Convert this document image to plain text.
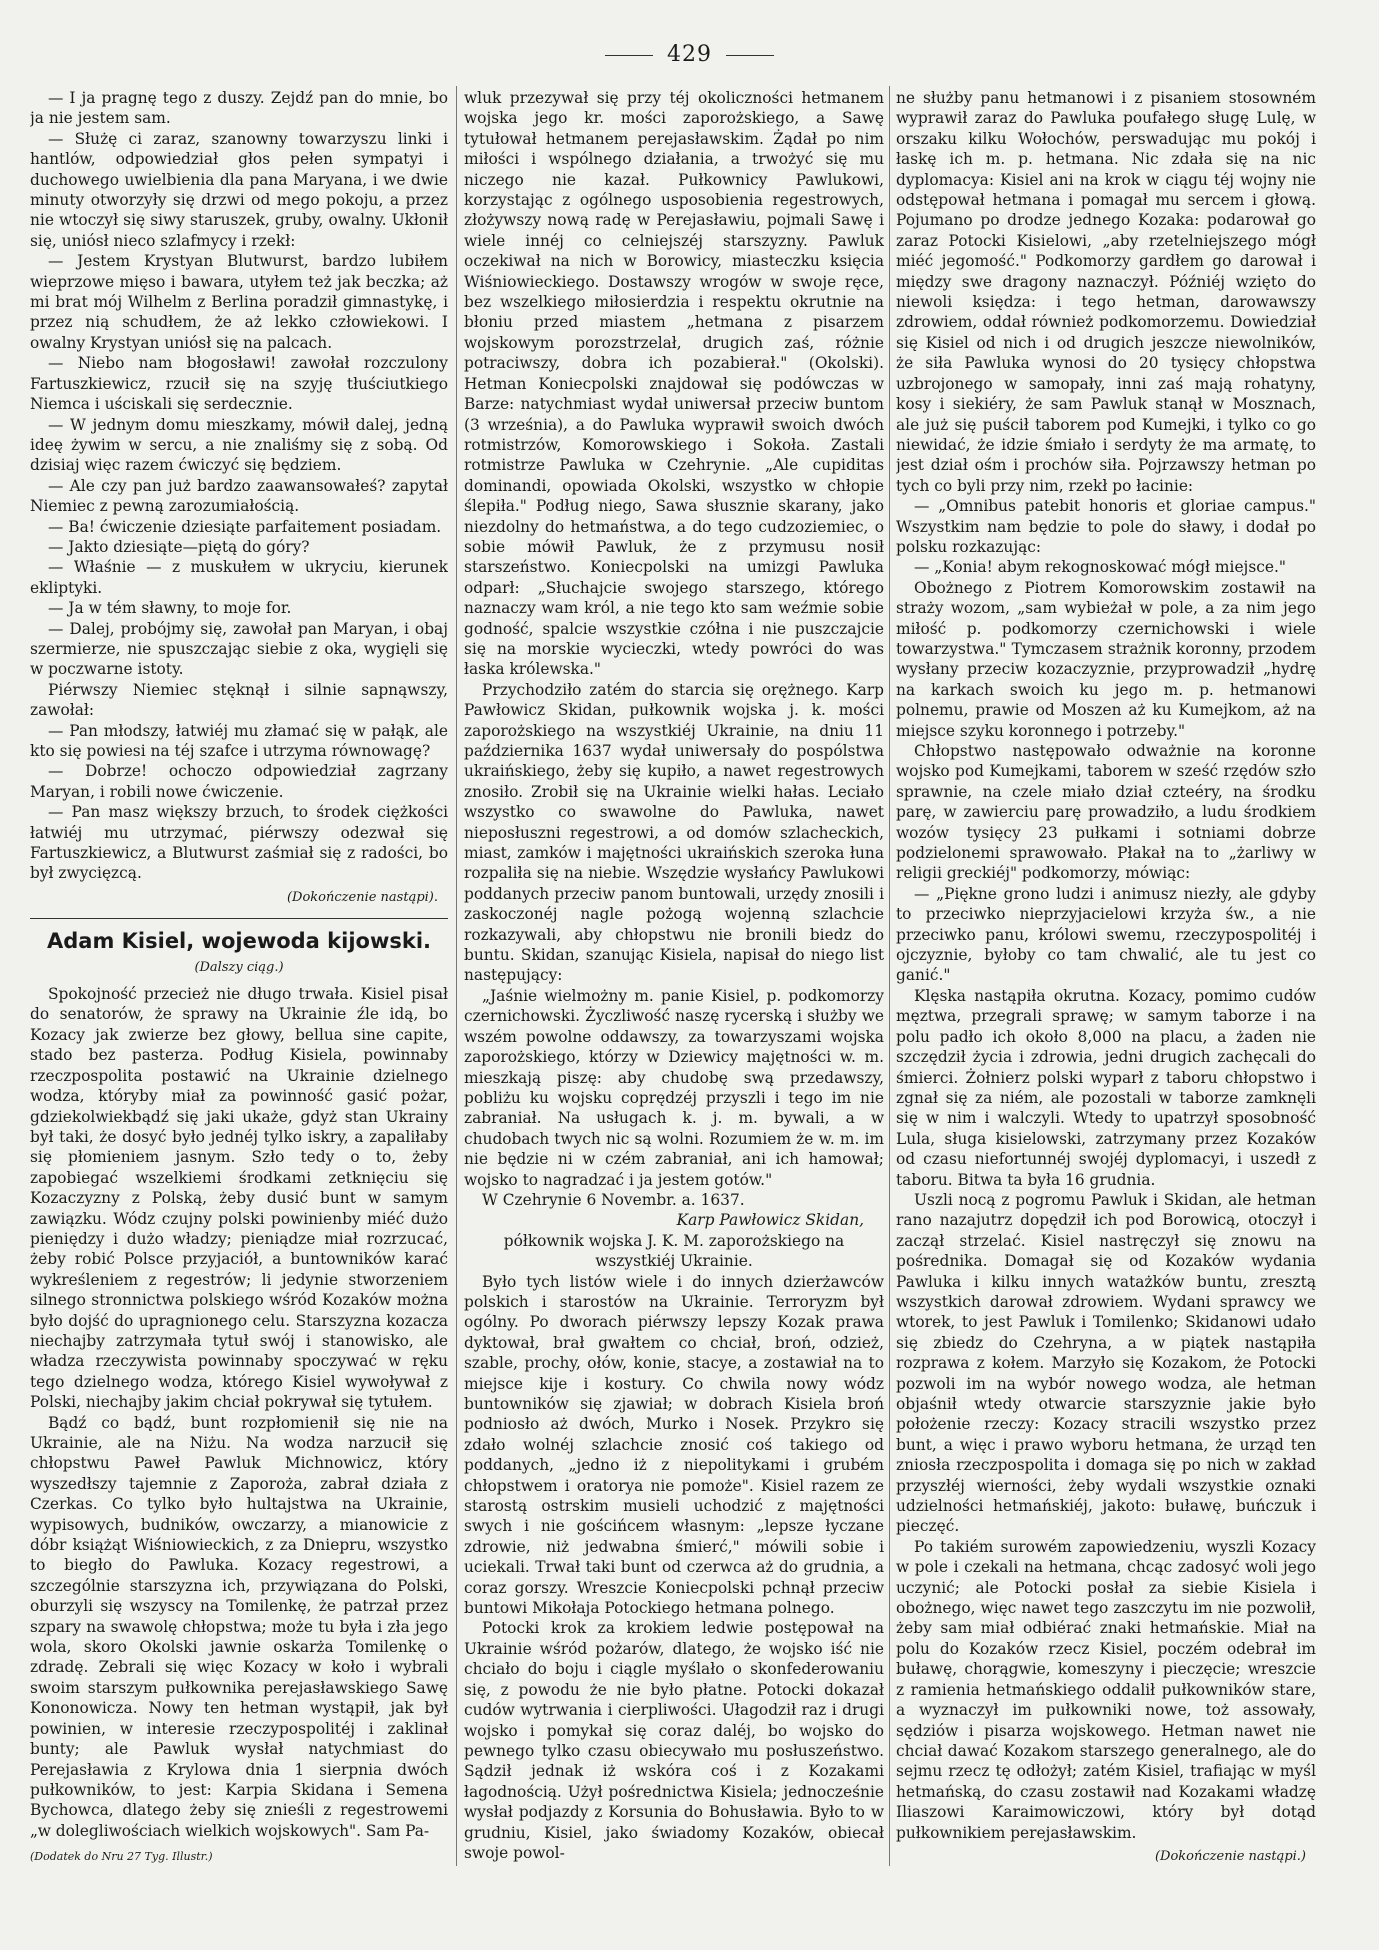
429

— I ja pragnę tego z duszy. Zejdź pan do mnie, bo ja nie jestem sam.

— Służę ci zaraz, szanowny towarzyszu linki i hantlów, odpowiedział głos pełen sympatyi i duchowego uwielbienia dla pana Maryana, i we dwie minuty otworzyły się drzwi od mego pokoju, a przez nie wtoczył się siwy staruszek, gruby, owalny. Ukłonił się, uniósł nieco szlafmycy i rzekł:

— Jestem Krystyan Blutwurst, bardzo lubiłem wieprzowe mięso i bawara, utyłem też jak beczka; aż mi brat mój Wilhelm z Berlina poradził gimnastykę, i przez nią schudłem, że aż lekko człowiekowi. I owalny Krystyan uniósł się na palcach.

— Niebo nam błogosławi! zawołał rozczulony Fartuszkiewicz, rzucił się na szyję tłuściutkiego Niemca i uściskali się serdecznie.

— W jednym domu mieszkamy, mówił dalej, jedną ideę żywim w sercu, a nie znaliśmy się z sobą. Od dzisiaj więc razem ćwiczyć się będziem.

— Ale czy pan już bardzo zaawansowałeś? zapytał Niemiec z pewną zarozumiałością.

— Ba! ćwiczenie dziesiąte parfaitement posiadam.

— Jakto dziesiąte—piętą do góry?

— Właśnie — z muskułem w ukryciu, kierunek ekliptyki.

— Ja w tém sławny, to moje for.

— Dalej, probójmy się, zawołał pan Maryan, i obaj szermierze, nie spuszczając siebie z oka, wygięli się w poczwarne istoty.

Piérwszy Niemiec stęknął i silnie sapnąwszy, zawołał:

— Pan młodszy, łatwiéj mu złamać się w pałąk, ale kto się powiesi na téj szafce i utrzyma równowagę?

— Dobrze! ochoczo odpowiedział zagrzany Maryan, i robili nowe ćwiczenie.

— Pan masz większy brzuch, to środek ciężkości łatwiéj mu utrzymać, piérwszy odezwał się Fartuszkiewicz, a Blutwurst zaśmiał się z radości, bo był zwycięzcą.

(Dokończenie nastąpi).

Adam Kisiel, wojewoda kijowski.

(Dalszy ciąg.)

Spokojność przecież nie długo trwała. Kisiel pisał do senatorów, że sprawy na Ukrainie źle idą, bo Kozacy jak zwierze bez głowy, bellua sine capite, stado bez pasterza. Podług Kisiela, powinnaby rzeczpospolita postawić na Ukrainie dzielnego wodza, któryby miał za powinność gasić pożar, gdziekolwiekbądź się jaki ukaże, gdyż stan Ukrainy był taki, że dosyć było jednéj tylko iskry, a zapaliłaby się płomieniem jasnym. Szło tedy o to, żeby zapobiegać wszelkiemi środkami zetknięciu się Kozaczyzny z Polską, żeby dusić bunt w samym zawiązku. Wódz czujny polski powinienby miéć dużo pieniędzy i dużo władzy; pieniądze miał rozrzucać, żeby robić Polsce przyjaciół, a buntowników karać wykreśleniem z regestrów; li jedynie stworzeniem silnego stronnictwa polskiego wśród Kozaków można było dojść do upragnionego celu. Starszyzna kozacza niechajby zatrzymała tytuł swój i stanowisko, ale władza rzeczywista powinnaby spoczywać w ręku tego dzielnego wodza, którego Kisiel wywoływał z Polski, niechajby jakim chciał pokrywał się tytułem.

Bądź co bądź, bunt rozpłomienił się nie na Ukrainie, ale na Niżu. Na wodza narzucił się chłopstwu Paweł Pawluk Michnowicz, który wyszedłszy tajemnie z Zaporoża, zabrał działa z Czerkas. Co tylko było hultajstwa na Ukrainie, wypisowych, budników, owczarzy, a mianowicie z dóbr książąt Wiśniowieckich, z za Dniepru, wszystko to biegło do Pawluka. Kozacy regestrowi, a szczególnie starszyzna ich, przywiązana do Polski, oburzyli się wszyscy na Tomilenkę, że patrzał przez szpary na swawolę chłopstwa; może tu była i zła jego wola, skoro Okolski jawnie oskarża Tomilenkę o zdradę. Zebrali się więc Kozacy w koło i wybrali swoim starszym pułkownika perejasławskiego Sawę Kononowicza. Nowy ten hetman wystąpił, jak był powinien, w interesie rzeczypospolitéj i zaklinał bunty; ale Pawluk wysłał natychmiast do Perejasławia z Krylowa dnia 1 sierpnia dwóch pułkowników, to jest: Karpia Skidana i Semena Bychowca, dlatego żeby się znieśli z regestrowemi „w dolegliwościach wielkich wojskowych". Sam Pa-

(Dodatek do Nru 27 Tyg. Illustr.)

wluk przezywał się przy téj okoliczności hetmanem wojska jego kr. mości zaporożskiego, a Sawę tytułował hetmanem perejasławskim. Żądał po nim miłości i wspólnego działania, a trwożyć się mu niczego nie kazał. Pułkownicy Pawlukowi, korzystając z ogólnego usposobienia regestrowych, złożywszy nową radę w Perejasławiu, pojmali Sawę i wiele innéj co celniejszéj starszyzny. Pawluk oczekiwał na nich w Borowicy, miasteczku księcia Wiśniowieckiego. Dostawszy wrogów w swoje ręce, bez wszelkiego miłosierdzia i respektu okrutnie na błoniu przed miastem „hetmana z pisarzem wojskowym porozstrzelał, drugich zaś, różnie potraciwszy, dobra ich pozabierał." (Okolski). Hetman Koniecpolski znajdował się podówczas w Barze: natychmiast wydał uniwersał przeciw buntom (3 września), a do Pawluka wyprawił swoich dwóch rotmistrzów, Komorowskiego i Sokoła. Zastali rotmistrze Pawluka w Czehrynie. „Ale cupiditas dominandi, opowiada Okolski, wszystko w chłopie ślepiła." Podług niego, Sawa słusznie skarany, jako niezdolny do hetmaństwa, a do tego cudzoziemiec, o sobie mówił Pawluk, że z przymusu nosił starszeństwo. Koniecpolski na umizgi Pawluka odparł: „Słuchajcie swojego starszego, którego naznaczy wam król, a nie tego kto sam weźmie sobie godność, spalcie wszystkie czółna i nie puszczajcie się na morskie wycieczki, wtedy powróci do was łaska królewska."

Przychodziło zatém do starcia się orężnego. Karp Pawłowicz Skidan, pułkownik wojska j. k. mości zaporożskiego na wszystkiéj Ukrainie, na dniu 11 października 1637 wydał uniwersały do pospólstwa ukraińskiego, żeby się kupiło, a nawet regestrowych znosiło. Zrobił się na Ukrainie wielki hałas. Leciało wszystko co swawolne do Pawluka, nawet nieposłuszni regestrowi, a od domów szlacheckich, miast, zamków i majętności ukraińskich szeroka łuna rozpaliła się na niebie. Wszędzie wysłańcy Pawlukowi poddanych przeciw panom buntowali, urzędy znosili i zaskoczonéj nagle pożogą wojenną szlachcie rozkazywali, aby chłopstwu nie bronili biedz do buntu. Skidan, szanując Kisiela, napisał do niego list następujący:

„Jaśnie wielmożny m. panie Kisiel, p. podkomorzy czernichowski. Życzliwość naszę rycerską i służby we wszém powolne oddawszy, za towarzyszami wojska zaporożskiego, którzy w Dziewicy majętności w. m. mieszkają piszę: aby chudobę swą przedawszy, pobliżu ku wojsku coprędzéj przyszli i tego im nie zabraniał. Na usługach k. j. m. bywali, a w chudobach twych nic są wolni. Rozumiem że w. m. im nie będzie ni w czém zabraniał, ani ich hamował; wojsko to nagradzać i ja jestem gotów."

W Czehrynie 6 Novembr. a. 1637.

Karp Pawłowicz Skidan,

półkownik wojska J. K. M. zaporożskiego na wszystkiéj Ukrainie.

Było tych listów wiele i do innych dzierżawców polskich i starostów na Ukrainie. Terroryzm był ogólny. Po dworach piérwszy lepszy Kozak prawa dyktował, brał gwałtem co chciał, broń, odzież, szable, prochy, ołów, konie, stacye, a zostawiał na to miejsce kije i kostury. Co chwila nowy wódz buntowników się zjawiał; w dobrach Kisiela broń podniosło aż dwóch, Murko i Nosek. Przykro się zdało wolnéj szlachcie znosić coś takiego od poddanych, „jedno iż z niepolitykami i grubém chłopstwem i oratorya nie pomoże". Kisiel razem ze starostą ostrskim musieli uchodzić z majętności swych i nie gościńcem własnym: „lepsze łyczane zdrowie, niż jedwabna śmierć," mówili sobie i uciekali. Trwał taki bunt od czerwca aż do grudnia, a coraz gorszy. Wreszcie Koniecpolski pchnął przeciw buntowi Mikołaja Potockiego hetmana polnego.

Potocki krok za krokiem ledwie postępował na Ukrainie wśród pożarów, dlatego, że wojsko iść nie chciało do boju i ciągle myślało o skonfederowaniu się, z powodu że nie było płatne. Potocki dokazał cudów wytrwania i cierpliwości. Ułagodził raz i drugi wojsko i pomykał się coraz daléj, bo wojsko do pewnego tylko czasu obiecywało mu posłuszeństwo. Sądził jednak iż wskóra coś i z Kozakami łagodnością. Użył pośrednictwa Kisiela; jednocześnie wysłał podjazdy z Korsunia do Bohusławia. Było to w grudniu, Kisiel, jako świadomy Kozaków, obiecał swoje powol-

ne służby panu hetmanowi i z pisaniem stosowném wyprawił zaraz do Pawluka poufałego sługę Lulę, w orszaku kilku Wołochów, perswadując mu pokój i łaskę ich m. p. hetmana. Nic zdała się na nic dyplomacya: Kisiel ani na krok w ciągu téj wojny nie odstępował hetmana i pomagał mu sercem i głową. Pojumano po drodze jednego Kozaka: podarował go zaraz Potocki Kisielowi, „aby rzetelniejszego mógł miéć jegomość." Podkomorzy gardłem go darował i między swe dragony naznaczył. Późniéj wzięto do niewoli księdza: i tego hetman, darowawszy zdrowiem, oddał również podkomorzemu. Dowiedział się Kisiel od nich i od drugich jeszcze niewolników, że siła Pawluka wynosi do 20 tysięcy chłopstwa uzbrojonego w samopały, inni zaś mają rohatyny, kosy i siekiéry, że sam Pawluk stanął w Mosznach, ale już się puścił taborem pod Kumejki, i tylko co go niewidać, że idzie śmiało i serdyty że ma armatę, to jest dział ośm i prochów siła. Pojrzawszy hetman po tych co byli przy nim, rzekł po łacinie:

— „Omnibus patebit honoris et gloriae campus." Wszystkim nam będzie to pole do sławy, i dodał po polsku rozkazując:

— „Konia! abym rekognoskować mógł miejsce."

Obożnego z Piotrem Komorowskim zostawił na straży wozom, „sam wybieżał w pole, a za nim jego miłość p. podkomorzy czernichowski i wiele towarzystwa." Tymczasem strażnik koronny, przodem wysłany przeciw kozaczyznie, przyprowadził „hydrę na karkach swoich ku jego m. p. hetmanowi polnemu, prawie od Moszen aż ku Kumejkom, aż na miejsce szyku koronnego i potrzeby."

Chłopstwo następowało odważnie na koronne wojsko pod Kumejkami, taborem w sześć rzędów szło sprawnie, na czele miało dział czteéry, na środku parę, w zawierciu parę prowadziło, a ludu środkiem wozów tysięcy 23 pułkami i sotniami dobrze podzielonemi sprawowało. Płakał na to „żarliwy w religii greckiéj" podkomorzy, mówiąc:

— „Piękne grono ludzi i animusz niezły, ale gdyby to przeciwko nieprzyjacielowi krzyża św., a nie przeciwko panu, królowi swemu, rzeczypospolitéj i ojczyznie, byłoby co tam chwalić, ale tu jest co ganić."

Klęska nastąpiła okrutna. Kozacy, pomimo cudów męztwa, przegrali sprawę; w samym taborze i na polu padło ich około 8,000 na placu, a żaden nie szczędził życia i zdrowia, jedni drugich zachęcali do śmierci. Żołnierz polski wyparł z taboru chłopstwo i zgnał się za niém, ale pozostali w taborze zamknęli się w nim i walczyli. Wtedy to upatrzył sposobność Lula, sługa kisielowski, zatrzymany przez Kozaków od czasu niefortunnéj swojéj dyplomacyi, i uszedł z taboru. Bitwa ta była 16 grudnia.

Uszli nocą z pogromu Pawluk i Skidan, ale hetman rano nazajutrz dopędził ich pod Borowicą, otoczył i zaczął strzelać. Kisiel nastręczył się znowu na pośrednika. Domagał się od Kozaków wydania Pawluka i kilku innych watażków buntu, zresztą wszystkich darował zdrowiem. Wydani sprawcy we wtorek, to jest Pawluk i Tomilenko; Skidanowi udało się zbiedz do Czehryna, a w piątek nastąpiła rozprawa z kołem. Marzyło się Kozakom, że Potocki pozwoli im na wybór nowego wodza, ale hetman objaśnił wtedy otwarcie starszyznie jakie było położenie rzeczy: Kozacy stracili wszystko przez bunt, a więc i prawo wyboru hetmana, że urząd ten zniosła rzeczpospolita i domaga się po nich w zakład przyszłéj wierności, żeby wydali wszystkie oznaki udzielności hetmańskiéj, jakoto: buławę, buńczuk i pieczęć.

Po takiém surowém zapowiedzeniu, wyszli Kozacy w pole i czekali na hetmana, chcąc zadosyć woli jego uczynić; ale Potocki posłał za siebie Kisiela i obożnego, więc nawet tego zaszczytu im nie pozwolił, żeby sam miał odbiérać znaki hetmańskie. Miał na polu do Kozaków rzecz Kisiel, poczém odebrał im buławę, chorągwie, komeszyny i pieczęcie; wreszcie z ramienia hetmańskiego oddalił pułkowników stare, a wyznaczył im pułkowniki nowe, toż assowały, sędziów i pisarza wojskowego. Hetman nawet nie chciał dawać Kozakom starszego generalnego, ale do sejmu rzecz tę odłożył; zatém Kisiel, trafiając w myśl hetmańską, do czasu zostawił nad Kozakami władzę Iliaszowi Karaimowiczowi, który był dotąd pułkownikiem perejasławskim.

(Dokończenie nastąpi.)
